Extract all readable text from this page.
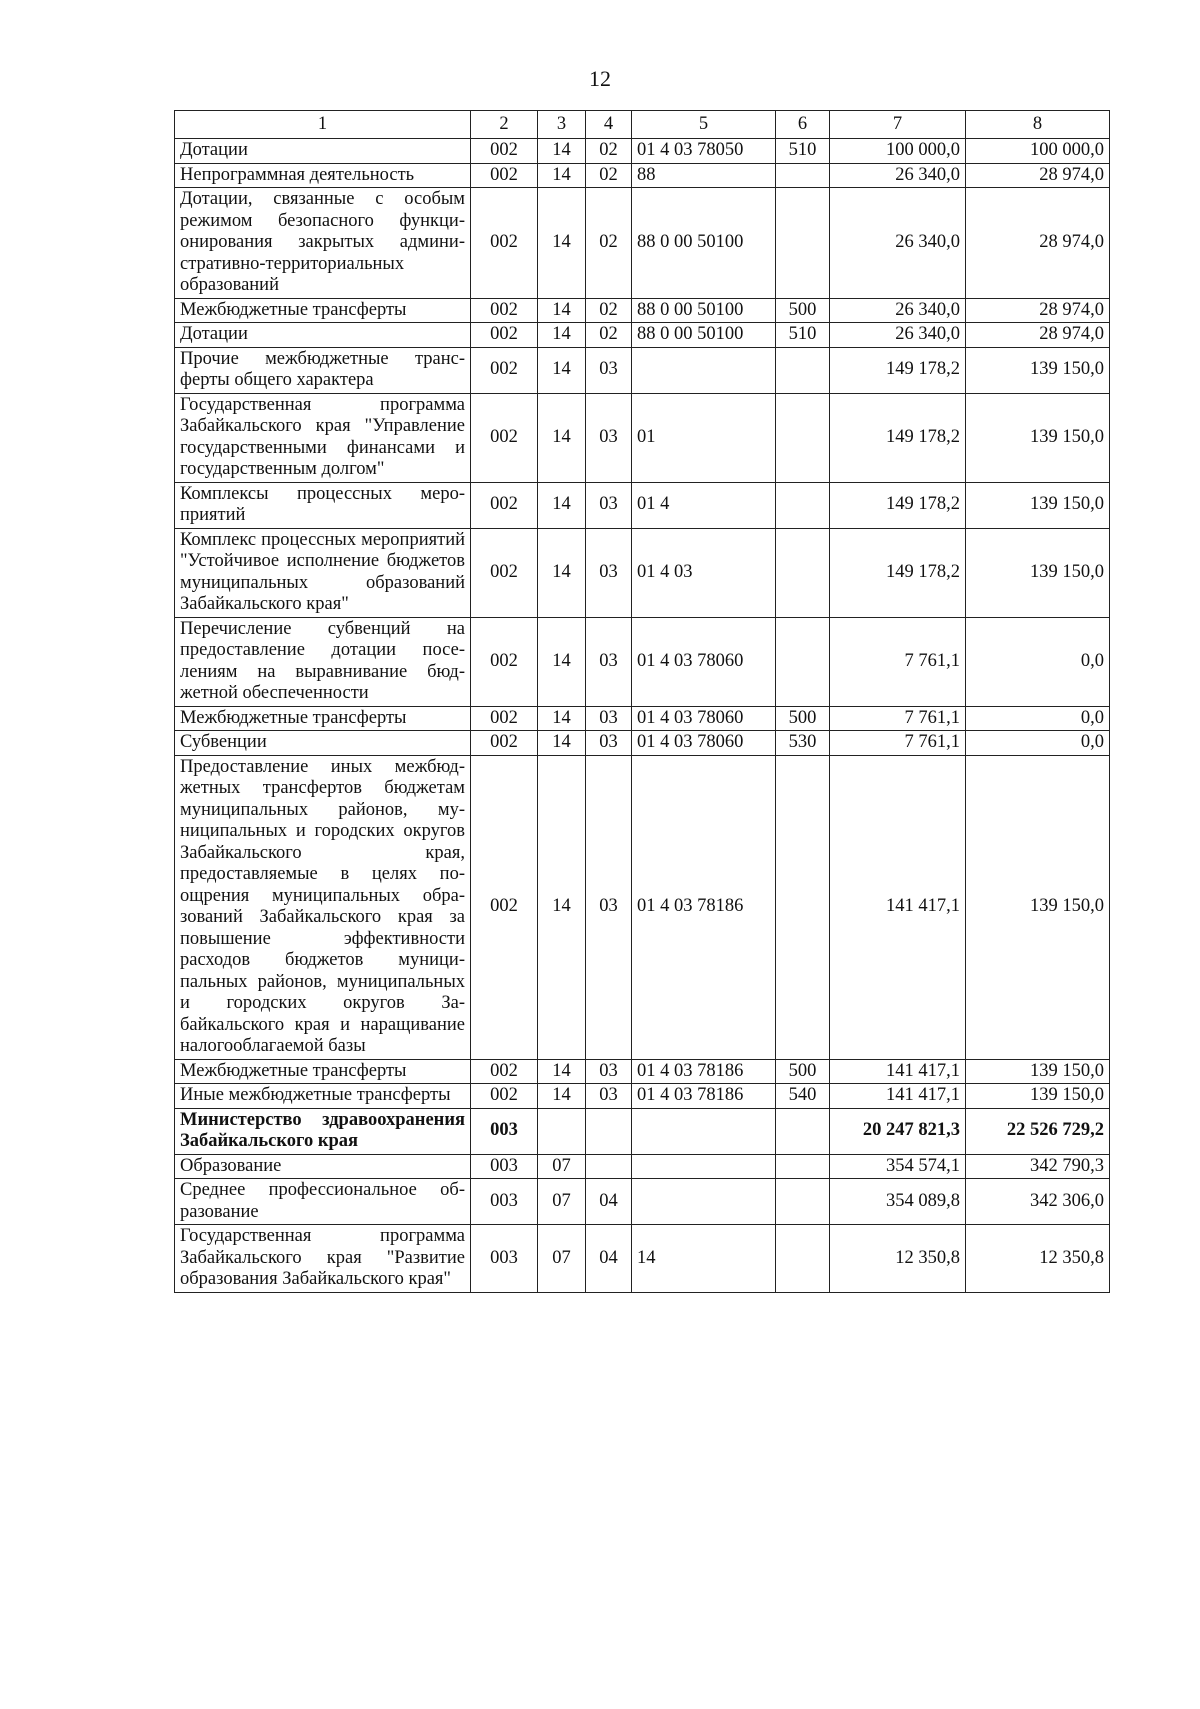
12
1	2	3	4	5	6	7	8
Дотации	002	14	02	01 4 03 78050	510	100 000,0	100 000,0
Непрограммная деятельность	002	14	02	88		26 340,0	28 974,0
Дотации, связанные с особым режимом безопасного функционирования закрытых административно-территориальных образований	002	14	02	88 0 00 50100		26 340,0	28 974,0
Межбюджетные трансферты	002	14	02	88 0 00 50100	500	26 340,0	28 974,0
Дотации	002	14	02	88 0 00 50100	510	26 340,0	28 974,0
Прочие межбюджетные трансферты общего характера	002	14	03			149 178,2	139 150,0
Государственная программа Забайкальского края "Управление государственными финансами и государственным долгом"	002	14	03	01		149 178,2	139 150,0
Комплексы процессных мероприятий	002	14	03	01 4		149 178,2	139 150,0
Комплекс процессных мероприятий "Устойчивое исполнение бюджетов муниципальных образований Забайкальского края"	002	14	03	01 4 03		149 178,2	139 150,0
Перечисление субвенций на предоставление дотации поселениям на выравнивание бюджетной обеспеченности	002	14	03	01 4 03 78060		7 761,1	0,0
Межбюджетные трансферты	002	14	03	01 4 03 78060	500	7 761,1	0,0
Субвенции	002	14	03	01 4 03 78060	530	7 761,1	0,0
Предоставление иных межбюджетных трансфертов бюджетам муниципальных районов, муниципальных и городских округов Забайкальского края, предоставляемые в целях поощрения муниципальных образований Забайкальского края за повышение эффективности расходов бюджетов муниципальных районов, муниципальных и городских округов Забайкальского края и наращивание налогооблагаемой базы	002	14	03	01 4 03 78186		141 417,1	139 150,0
Межбюджетные трансферты	002	14	03	01 4 03 78186	500	141 417,1	139 150,0
Иные межбюджетные трансферты	002	14	03	01 4 03 78186	540	141 417,1	139 150,0
Министерство здравоохранения Забайкальского края	003					20 247 821,3	22 526 729,2
Образование	003	07				354 574,1	342 790,3
Среднее профессиональное образование	003	07	04			354 089,8	342 306,0
Государственная программа Забайкальского края "Развитие образования Забайкальского края"	003	07	04	14		12 350,8	12 350,8
